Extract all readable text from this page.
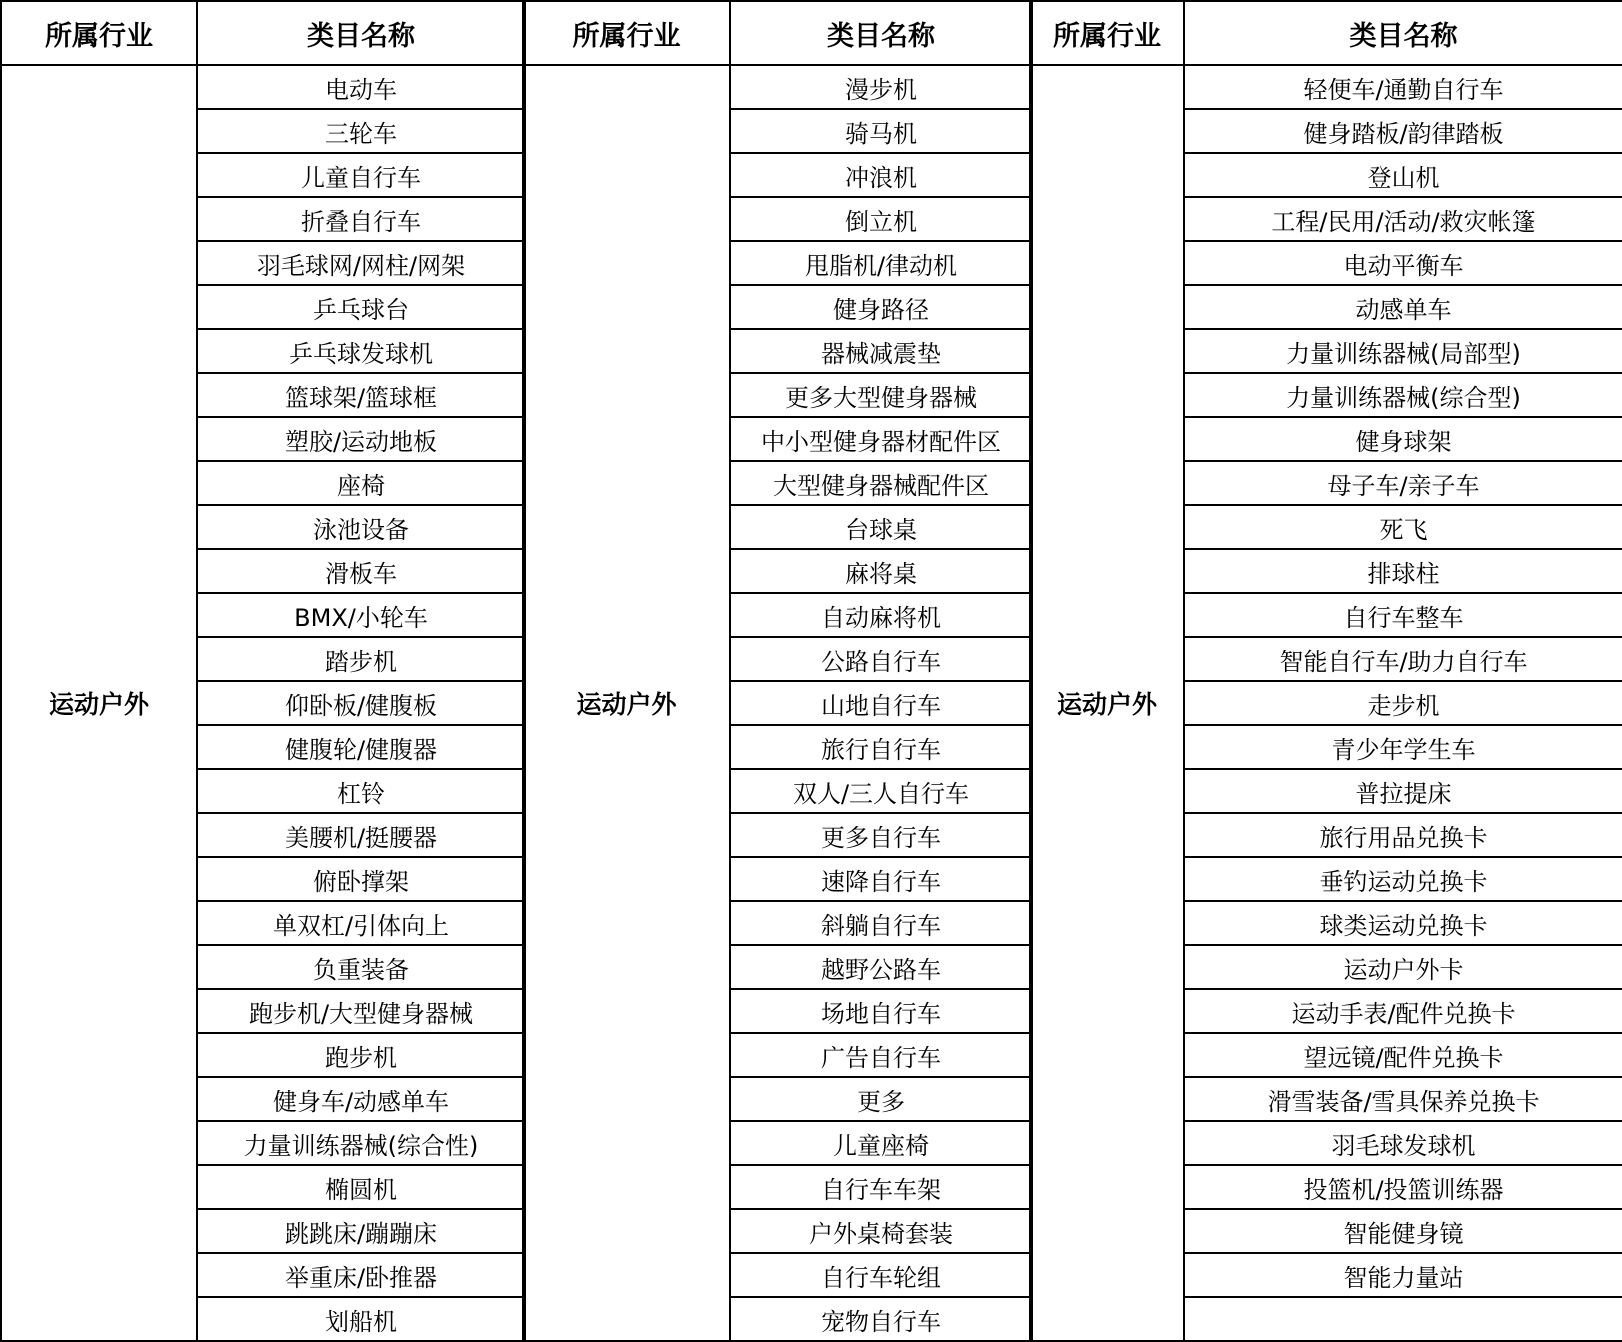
所属行业	类目名称
运动户外	电动车
	三轮车
	儿童自行车
	折叠自行车
	羽毛球网/网柱/网架
	乒乓球台
	乒乓球发球机
	篮球架/篮球框
	塑胶/运动地板
	座椅
	泳池设备
	滑板车
	BMX/小轮车
	踏步机
	仰卧板/健腹板
	健腹轮/健腹器
	杠铃
	美腰机/挺腰器
	俯卧撑架
	单双杠/引体向上
	负重装备
	跑步机/大型健身器械
	跑步机
	健身车/动感单车
	力量训练器械(综合性)
	椭圆机
	跳跳床/蹦蹦床
	举重床/卧推器
	划船机
所属行业	类目名称
运动户外	漫步机
	骑马机
	冲浪机
	倒立机
	甩脂机/律动机
	健身路径
	器械减震垫
	更多大型健身器械
	中小型健身器材配件区
	大型健身器械配件区
	台球桌
	麻将桌
	自动麻将机
	公路自行车
	山地自行车
	旅行自行车
	双人/三人自行车
	更多自行车
	速降自行车
	斜躺自行车
	越野公路车
	场地自行车
	广告自行车
	更多
	儿童座椅
	自行车车架
	户外桌椅套装
	自行车轮组
	宠物自行车
所属行业	类目名称
运动户外	轻便车/通勤自行车
	健身踏板/韵律踏板
	登山机
	工程/民用/活动/救灾帐篷
	电动平衡车
	动感单车
	力量训练器械(局部型)
	力量训练器械(综合型)
	健身球架
	母子车/亲子车
	死飞
	排球柱
	自行车整车
	智能自行车/助力自行车
	走步机
	青少年学生车
	普拉提床
	旅行用品兑换卡
	垂钓运动兑换卡
	球类运动兑换卡
	运动户外卡
	运动手表/配件兑换卡
	望远镜/配件兑换卡
	滑雪装备/雪具保养兑换卡
	羽毛球发球机
	投篮机/投篮训练器
	智能健身镜
	智能力量站
